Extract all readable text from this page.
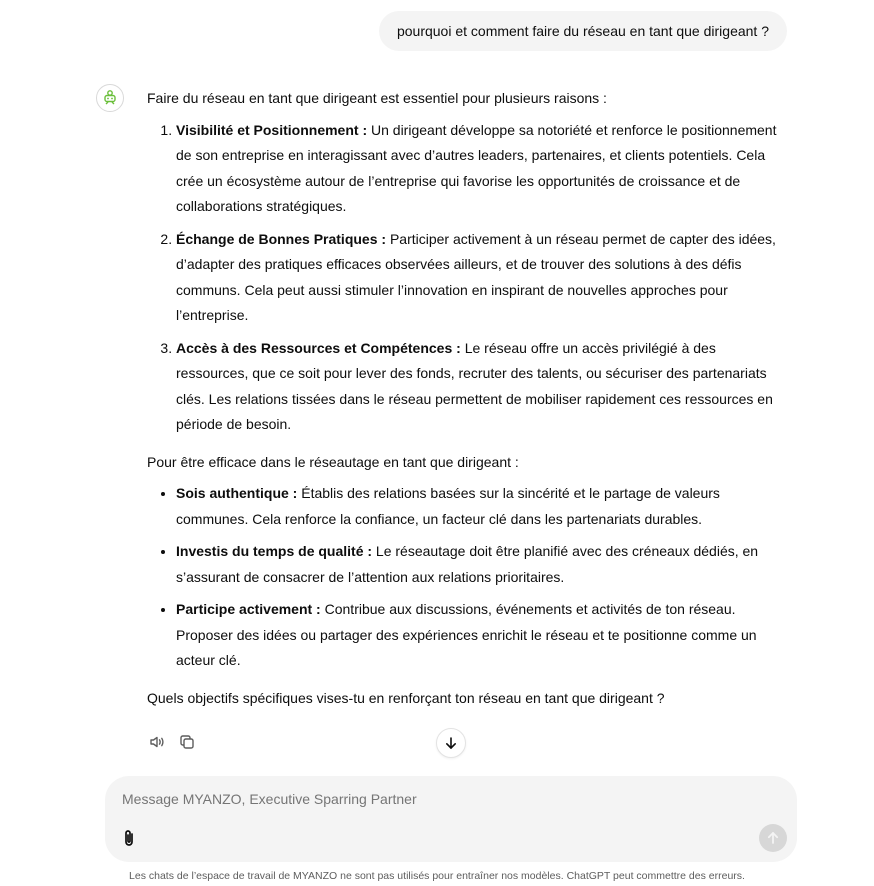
pourquoi et comment faire du réseau en tant que dirigeant ?

Faire du réseau en tant que dirigeant est essentiel pour plusieurs raisons :

1. Visibilité et Positionnement : Un dirigeant développe sa notoriété et renforce le positionnement de son entreprise en interagissant avec d’autres leaders, partenaires, et clients potentiels. Cela crée un écosystème autour de l’entreprise qui favorise les opportunités de croissance et de collaborations stratégiques.
2. Échange de Bonnes Pratiques : Participer activement à un réseau permet de capter des idées, d’adapter des pratiques efficaces observées ailleurs, et de trouver des solutions à des défis communs. Cela peut aussi stimuler l’innovation en inspirant de nouvelles approches pour l’entreprise.
3. Accès à des Ressources et Compétences : Le réseau offre un accès privilégié à des ressources, que ce soit pour lever des fonds, recruter des talents, ou sécuriser des partenariats clés. Les relations tissées dans le réseau permettent de mobiliser rapidement ces ressources en période de besoin.

Pour être efficace dans le réseautage en tant que dirigeant :

• Sois authentique : Établis des relations basées sur la sincérité et le partage de valeurs communes. Cela renforce la confiance, un facteur clé dans les partenariats durables.
• Investis du temps de qualité : Le réseautage doit être planifié avec des créneaux dédiés, en s’assurant de consacrer de l’attention aux relations prioritaires.
• Participe activement : Contribue aux discussions, événements et activités de ton réseau. Proposer des idées ou partager des expériences enrichit le réseau et te positionne comme un acteur clé.

Quels objectifs spécifiques vises-tu en renforçant ton réseau en tant que dirigeant ?

Message MYANZO, Executive Sparring Partner
Les chats de l’espace de travail de MYANZO ne sont pas utilisés pour entraîner nos modèles. ChatGPT peut commettre des erreurs.
